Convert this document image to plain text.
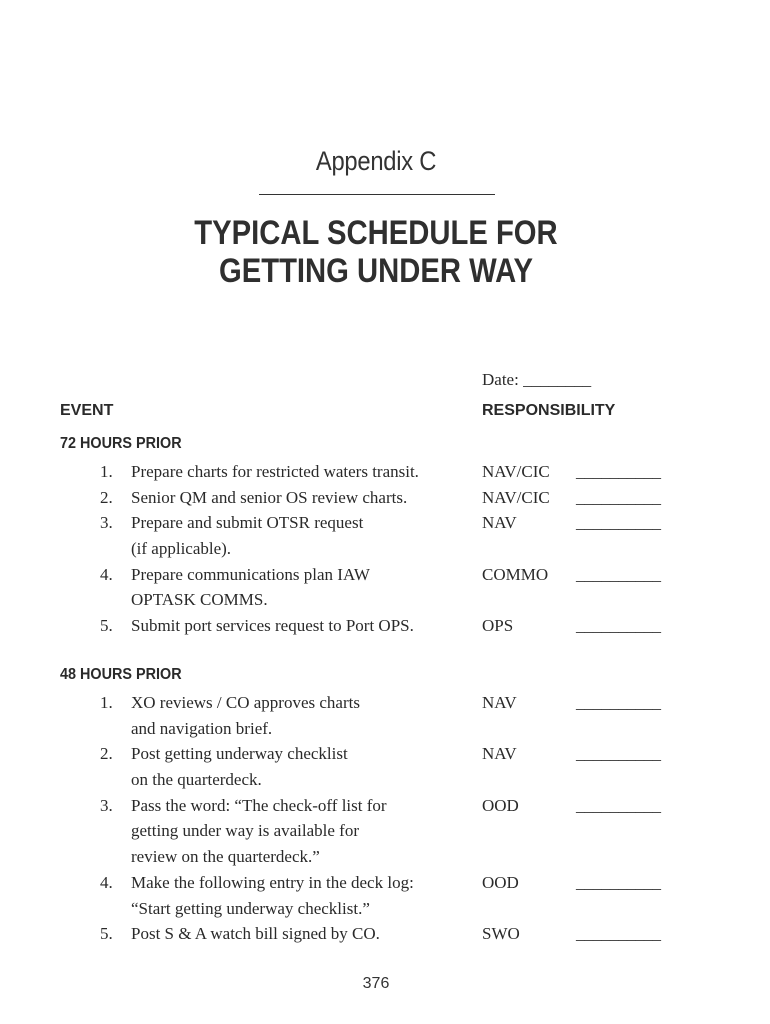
Appendix C
TYPICAL SCHEDULE FOR
GETTING UNDER WAY
Date: ________
EVENT	RESPONSIBILITY
72 HOURS PRIOR
1.	Prepare charts for restricted waters transit.	NAV/CIC __________
2.	Senior QM and senior OS review charts.	NAV/CIC __________
3.	Prepare and submit OTSR request
(if applicable).
NAV	__________
4.	Prepare communications plan IAW
OPTASK COMMS.
COMMO __________
5.	Submit port services request to Port OPS.	OPS	__________
48 HOURS PRIOR
1.	XO reviews / CO approves charts
and navigation brief.
NAV	__________
2.	Post getting underway checklist
on the quarterdeck.
NAV	__________
3.	Pass the word: “The check-off list for
getting under way is available for
review on the quarterdeck.”
OOD	__________
4.	Make the following entry in the deck log:
“Start getting underway checklist.”
OOD	__________
5.	Post S & A watch bill signed by CO.	SWO	__________
376
